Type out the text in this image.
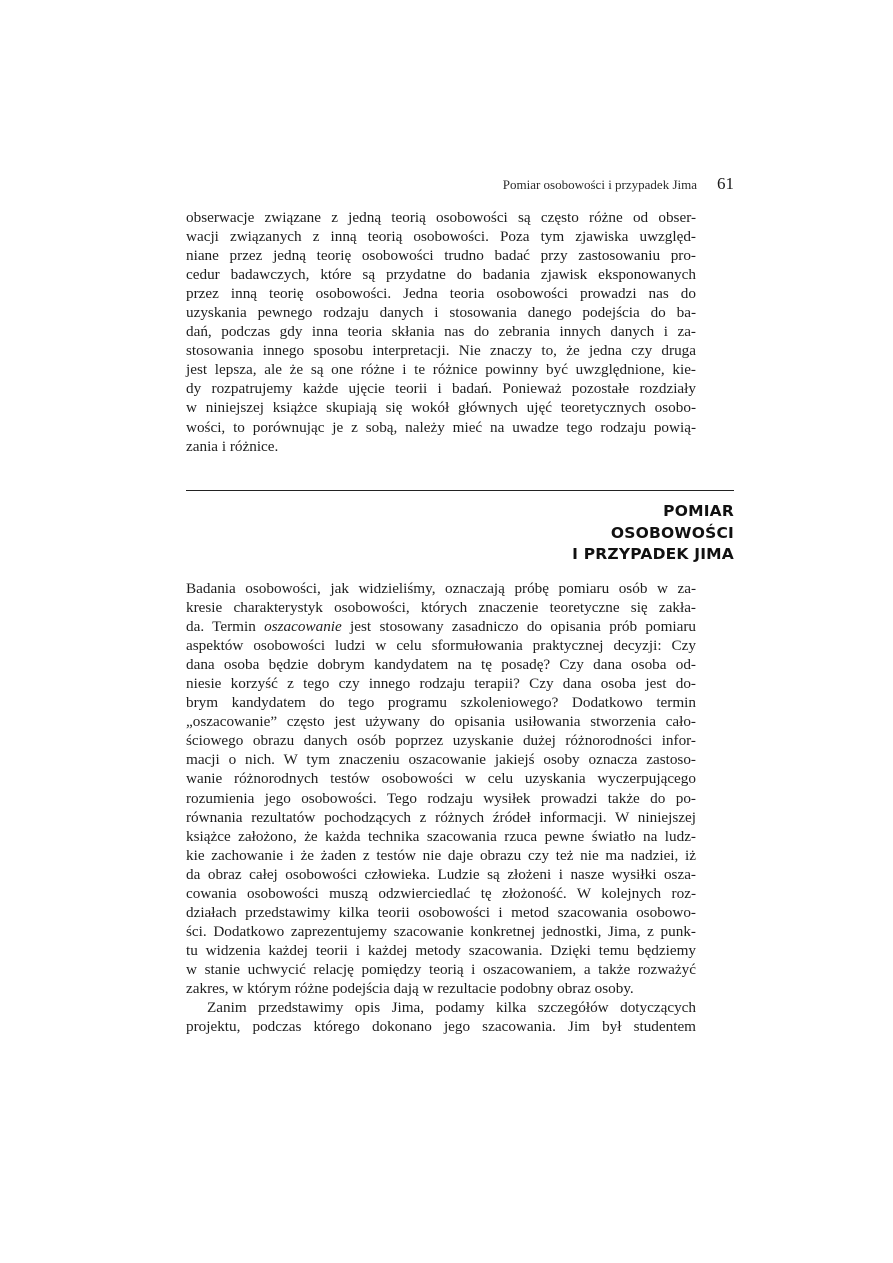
Pomiar osobowości i przypadek Jima 61
obserwacje związane z jedną teorią osobowości są często różne od obser-
wacji związanych z inną teorią osobowości. Poza tym zjawiska uwzględ-
niane przez jedną teorię osobowości trudno badać przy zastosowaniu pro-
cedur badawczych, które są przydatne do badania zjawisk eksponowanych
przez inną teorię osobowości. Jedna teoria osobowości prowadzi nas do
uzyskania pewnego rodzaju danych i stosowania danego podejścia do ba-
dań, podczas gdy inna teoria skłania nas do zebrania innych danych i za-
stosowania innego sposobu interpretacji. Nie znaczy to, że jedna czy druga
jest lepsza, ale że są one różne i te różnice powinny być uwzględnione, kie-
dy rozpatrujemy każde ujęcie teorii i badań. Ponieważ pozostałe rozdziały
w niniejszej książce skupiają się wokół głównych ujęć teoretycznych osobo-
wości, to porównując je z sobą, należy mieć na uwadze tego rodzaju powią-
zania i różnice.
POMIAR
OSOBOWOŚCI
I PRZYPADEK JIMA
Badania osobowości, jak widzieliśmy, oznaczają próbę pomiaru osób w za-
kresie charakterystyk osobowości, których znaczenie teoretyczne się zakła-
da. Termin oszacowanie jest stosowany zasadniczo do opisania prób pomiaru
aspektów osobowości ludzi w celu sformułowania praktycznej decyzji: Czy
dana osoba będzie dobrym kandydatem na tę posadę? Czy dana osoba od-
niesie korzyść z tego czy innego rodzaju terapii? Czy dana osoba jest do-
brym kandydatem do tego programu szkoleniowego? Dodatkowo termin
„oszacowanie” często jest używany do opisania usiłowania stworzenia cało-
ściowego obrazu danych osób poprzez uzyskanie dużej różnorodności infor-
macji o nich. W tym znaczeniu oszacowanie jakiejś osoby oznacza zastoso-
wanie różnorodnych testów osobowości w celu uzyskania wyczerpującego
rozumienia jego osobowości. Tego rodzaju wysiłek prowadzi także do po-
równania rezultatów pochodzących z różnych źródeł informacji. W niniejszej
książce założono, że każda technika szacowania rzuca pewne światło na ludz-
kie zachowanie i że żaden z testów nie daje obrazu czy też nie ma nadziei, iż
da obraz całej osobowości człowieka. Ludzie są złożeni i nasze wysiłki osza-
cowania osobowości muszą odzwierciedlać tę złożoność. W kolejnych roz-
działach przedstawimy kilka teorii osobowości i metod szacowania osobowo-
ści. Dodatkowo zaprezentujemy szacowanie konkretnej jednostki, Jima, z punk-
tu widzenia każdej teorii i każdej metody szacowania. Dzięki temu będziemy
w stanie uchwycić relację pomiędzy teorią i oszacowaniem, a także rozważyć
zakres, w którym różne podejścia dają w rezultacie podobny obraz osoby.
Zanim przedstawimy opis Jima, podamy kilka szczegółów dotyczących
projektu, podczas którego dokonano jego szacowania. Jim był studentem
